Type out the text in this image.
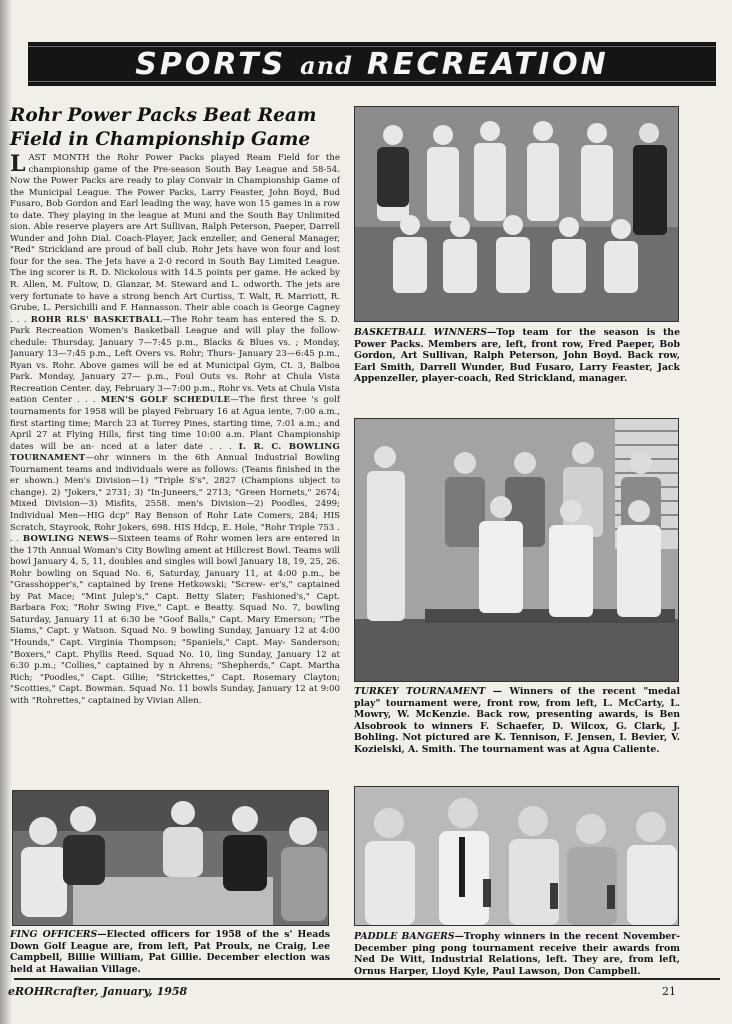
SPORTS and RECREATION
Rohr Power Packs Beat Ream
Field in Championship Game
LAST MONTH the Rohr Power Packs played Ream Field for the championship game of the Pre-season South Bay League and 58-54. Now the Power Packs are ready to play Convair in Championship Game of the Municipal League. The Power Packs, Larry Feaster, John Boyd, Bud Fusaro, Bob Gordon and Earl leading the way, have won 15 games in a row to date. They playing in the league at Muni and the South Bay Unlimited sion. Able reserve players are Art Sullivan, Ralph Peterson, Paeper, Darrell Wunder and John Dial. Coach-Player, Jack enzeller, and General Manager, "Red" Strickland are proud of ball club. Rohr Jets have won four and lost four for the sea. The Jets have a 2-0 record in South Bay Limited League. The ing scorer is R. D. Nickolous with 14.5 points per game. He acked by R. Allen, M. Fultow, D. Glanzar, M. Steward and L. odworth. The jets are very fortunate to have a strong bench Art Curtiss, T. Walt, R. Marriott, R. Grube, L. Persichilli and F. Hannasson. Their able coach is George Cagney . . . ROHR RLS' BASKETBALL—The Rohr team has entered the S. D. Park Recreation Women's Basketball League and will play the follow- chedule: Thursday, January 7—7:45 p.m., Blacks & Blues vs. ; Monday, January 13—7:45 p.m., Left Overs vs. Rohr; Thurs- January 23—6:45 p.m., Ryan vs. Rohr. Above games will be ed at Municipal Gym, Ct. 3, Balboa Park. Monday, January 27— p.m., Foul Outs vs. Rohr at Chula Vista Recreation Center. day, February 3—7:00 p.m., Rohr vs. Vets at Chula Vista eation Center . . . MEN'S GOLF SCHEDULE—The first three 's golf tournaments for 1958 will be played February 16 at Agua iente, 7:00 a.m., first starting time; March 23 at Torrey Pines, starting time, 7:01 a.m.; and April 27 at Flying Hills, first ting time 10:00 a.m. Plant Championship dates will be an- nced at a later date . . . I. R. C. BOWLING TOURNAMENT—ohr winners in the 6th Annual Industrial Bowling Tournament teams and individuals were as follows: (Teams finished in the er shown.) Men's Division—1) "Triple S's", 2827 (Champions ubject to change). 2) "Jokers," 2731; 3) "In-Juneers," 2713; "Green Hornets," 2674; Mixed Division—3) Misfits, 2558. men's Division—2) Poodles, 2499; Individual Men—HIG dcp" Ray Benson of Rohr Late Comers, 284; HIS Scratch, Stayrook, Rohr Jokers, 698. HIS Hdcp, E. Hole, "Rohr Triple 753 . . . BOWLING NEWS—Sixteen teams of Rohr women lers are entered in the 17th Annual Woman's City Bowling ament at Hillcrest Bowl. Teams will bowl January 4, 5, 11, doubles and singles will bowl January 18, 19, 25, 26. Rohr bowling on Squad No. 6, Saturday, January 11, at 4:00 p.m., be "Grasshopper's," captained by Irene Hetkowski; "Screw- er's," captained by Pat Mace; "Mint Julep's," Capt. Betty Slater; Fashioned's," Capt. Barbara Fox; "Rohr Swing Five," Capt. e Beatty. Squad No. 7, bowling Saturday, January 11 at 6:30 be "Goof Balls," Capt. Mary Emerson; "The Siams," Capt. y Watson. Squad No. 9 bowling Sunday, January 12 at 4:00 "Hounds," Capt. Virginia Thompson; "Spaniels," Capt. May- Sanderson; "Boxers," Capt. Phyllis Reed. Squad No. 10, ling Sunday, January 12 at 6:30 p.m.; "Collies," captained by n Ahrens; "Shepherds," Capt. Martha Rich; "Poodles," Capt. Gillie; "Strickettes," Capt. Rosemary Clayton; "Scotties," Capt. Bowman. Squad No. 11 bowls Sunday, January 12 at 9:00 with "Rohrettes," captained by Vivian Allen.
BASKETBALL WINNERS—Top team for the season is the Power Packs. Members are, left, front row, Fred Paeper, Bob Gordon, Art Sullivan, Ralph Peterson, John Boyd. Back row, Earl Smith, Darrell Wunder, Bud Fusaro, Larry Feaster, Jack Appenzeller, player-coach, Red Strickland, manager.
TURKEY TOURNAMENT — Winners of the recent "medal play" tournament were, front row, from left, L. McCarty, L. Mowry, W. McKenzie. Back row, presenting awards, is Ben Alsobrook to winners F. Schaefer, D. Wilcox, G. Clark, J. Bohling. Not pictured are K. Tennison, F. Jensen, I. Bevier, V. Kozielski, A. Smith. The tournament was at Agua Caliente.
FING OFFICERS—Elected officers for 1958 of the s' Heads Down Golf League are, from left, Pat Proulx, ne Craig, Lee Campbell, Billie William, Pat Gillie. December election was held at Hawaiian Village.
PADDLE BANGERS—Trophy winners in the recent November-December ping pong tournament receive their awards from Ned De Witt, Industrial Relations, left. They are, from left, Ornus Harper, Lloyd Kyle, Paul Lawson, Don Campbell.
eROHRcrafter, January, 1958	21
